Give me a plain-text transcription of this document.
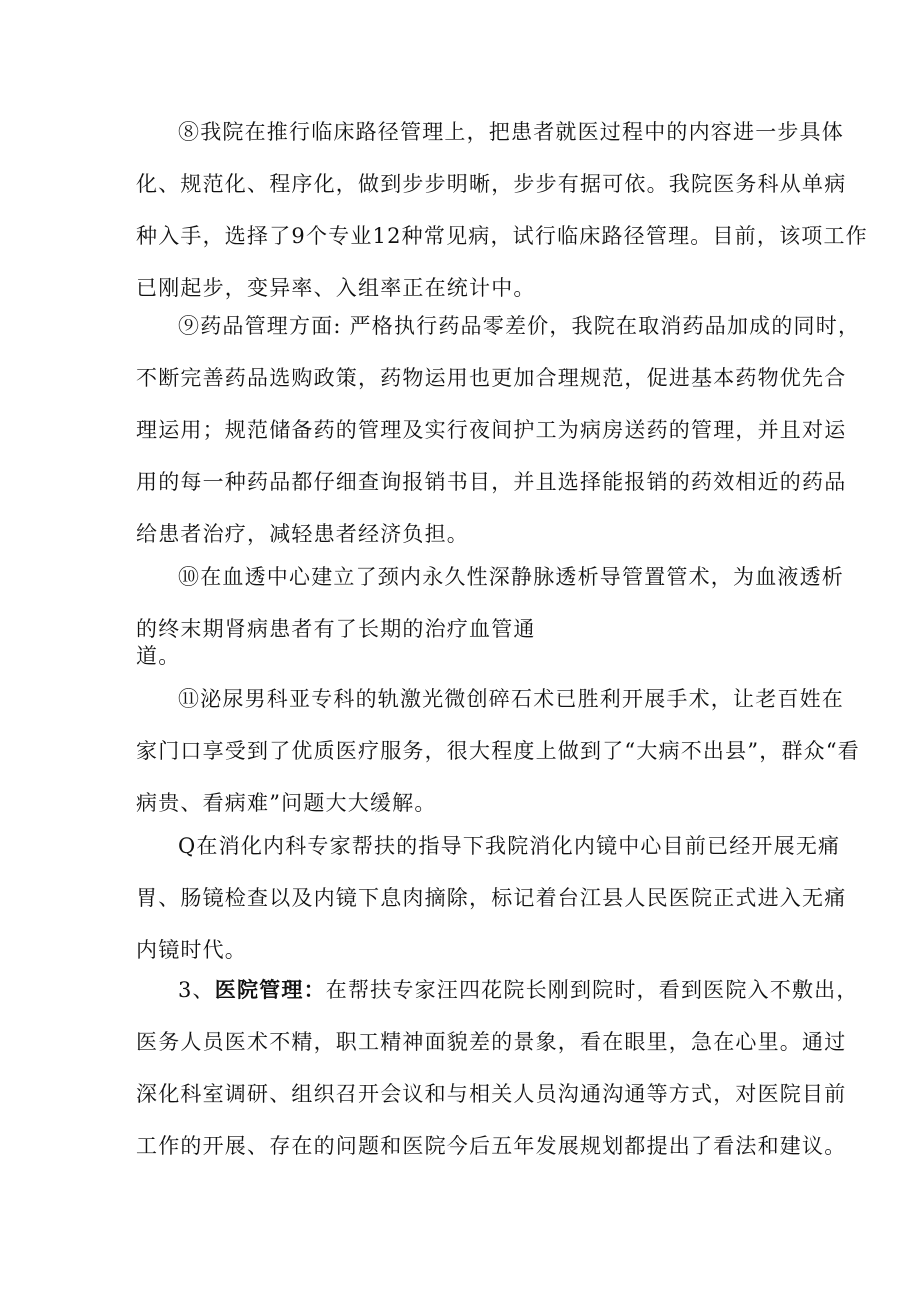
⑧我院在推行临床路径管理上，把患者就医过程中的内容进一步具体
化、规范化、程序化，做到步步明晰，步步有据可依。我院医务科从单病
种入手，选择了9个专业12种常见病，试行临床路径管理。目前，该项工作
已刚起步，变异率、入组率正在统计中。

⑨药品管理方面: 严格执行药品零差价，我院在取消药品加成的同时，
不断完善药品选购政策，药物运用也更加合理规范，促进基本药物优先合
理运用；规范储备药的管理及实行夜间护工为病房送药的管理，并且对运
用的每一种药品都仔细查询报销书目，并且选择能报销的药效相近的药品
给患者治疗，减轻患者经济负担。

⑩在血透中心建立了颈内永久性深静脉透析导管置管术，为血液透析
的终末期肾病患者有了长期的治疗血管通
道。

⑪泌尿男科亚专科的轨激光微创碎石术已胜利开展手术，让老百姓在
家门口享受到了优质医疗服务，很大程度上做到了“大病不出县”，群众“看
病贵、看病难”问题大大缓解。

Q在消化内科专家帮扶的指导下我院消化内镜中心目前已经开展无痛
胃、肠镜检查以及内镜下息肉摘除，标记着台江县人民医院正式进入无痛
内镜时代。

3、医院管理：在帮扶专家汪四花院长刚到院时，看到医院入不敷出，
医务人员医术不精，职工精神面貌差的景象，看在眼里，急在心里。通过
深化科室调研、组织召开会议和与相关人员沟通沟通等方式，对医院目前
工作的开展、存在的问题和医院今后五年发展规划都提出了看法和建议。
